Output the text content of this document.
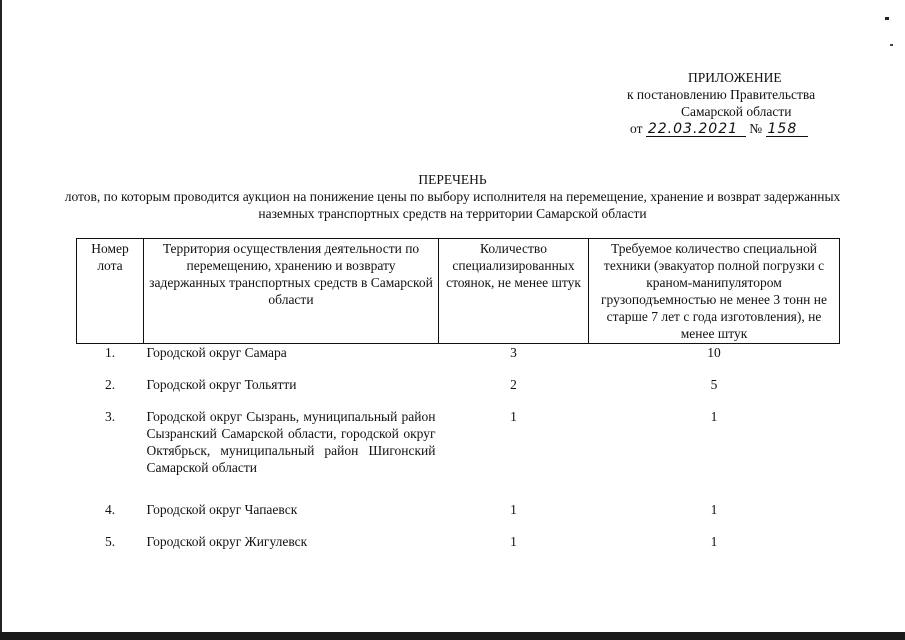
ПРИЛОЖЕНИЕ
к постановлению Правительства
Самарской области
от 22.03.2021 № 158
ПЕРЕЧЕНЬ
лотов, по которым проводится аукцион на понижение цены по выбору исполнителя на перемещение, хранение и возврат задержанных наземных транспортных средств на территории Самарской области
Номер лота	Территория осуществления деятельности по перемещению, хранению и возврату задержанных транспортных средств в Самарской области	Количество специализированных стоянок, не менее штук	Требуемое количество специальной техники (эвакуатор полной погрузки с краном-манипулятором грузоподъемностью не менее 3 тонн не старше 7 лет с года изготовления), не менее штук
1.	Городской округ Самара	3	10

2.	Городской округ Тольятти	2	5

3.	Городской округ Сызрань, муниципальный район Сызранский Самарской области, городской округ Октябрьск, муниципальный район Шигонский Самарской области	1	1

4.	Городской округ Чапаевск	1	1

5.	Городской округ Жигулевск	1	1
